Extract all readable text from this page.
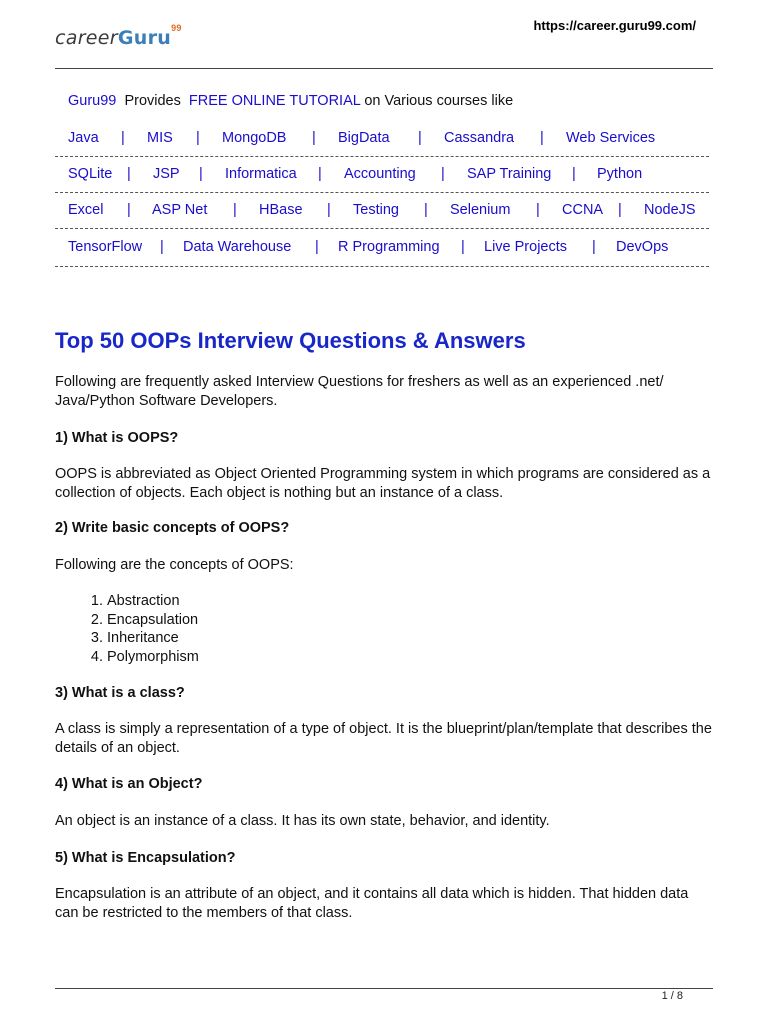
careerGuru$^{99}$	https://career.guru99.com/
Guru99 Provides FREE ONLINE TUTORIAL on Various courses like
Java | MIS | MongoDB | BigData | Cassandra | Web Services
SQLite | JSP | Informatica | Accounting | SAP Training | Python
Excel | ASP Net | HBase | Testing | Selenium | CCNA | NodeJS
TensorFlow | Data Warehouse | R Programming | Live Projects | DevOps
Top 50 OOPs Interview Questions & Answers
Following are frequently asked Interview Questions for freshers as well as an experienced .net/ Java/Python Software Developers.
1) What is OOPS?
OOPS is abbreviated as Object Oriented Programming system in which programs are considered as a collection of objects. Each object is nothing but an instance of a class.
2) Write basic concepts of OOPS?
Following are the concepts of OOPS:
1. Abstraction
2. Encapsulation
3. Inheritance
4. Polymorphism
3) What is a class?
A class is simply a representation of a type of object. It is the blueprint/plan/template that describes the details of an object.
4) What is an Object?
An object is an instance of a class. It has its own state, behavior, and identity.
5) What is Encapsulation?
Encapsulation is an attribute of an object, and it contains all data which is hidden. That hidden data can be restricted to the members of that class.
1 / 8
